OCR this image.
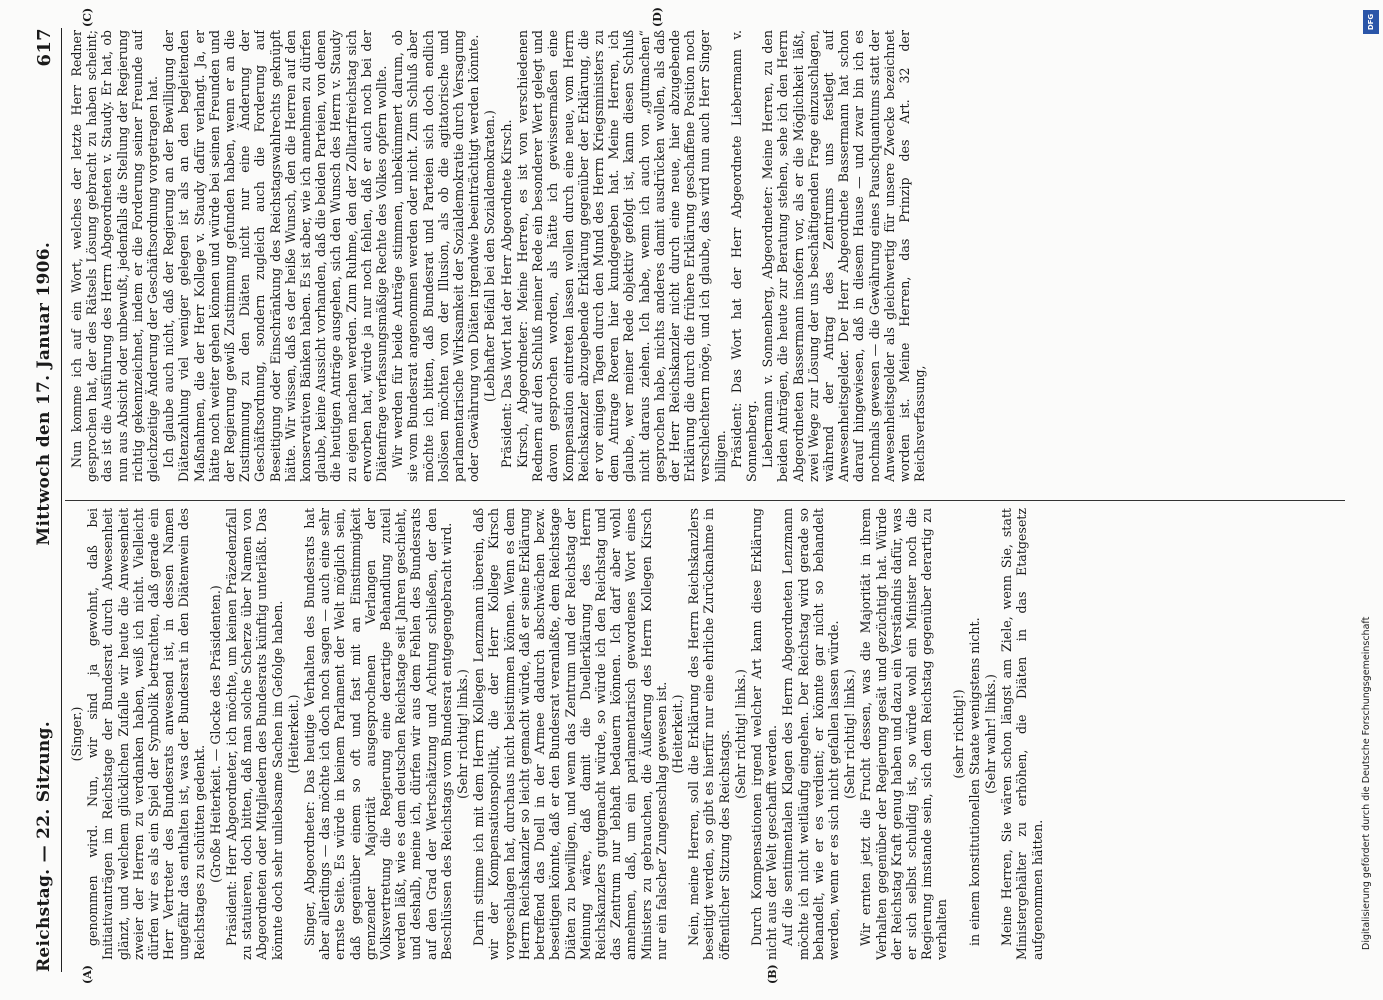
Reichstag. — 22. Sitzung.
Mittwoch den 17. Januar 1906.
617
(A)	(B)
(C)	(D)

(Singer.) genommen wird. Nun, wir sind ja gewohnt, daß bei Initiativanträgen im Reichstage der Bundesrat durch Abwesenheit glänzt, und welchem glücklichen Zufalle wir heute die Anwesenheit zweier der Herren zu verdanken haben, weiß ich nicht. Vielleicht dürfen wir es als ein Spiel der Symbolik betrachten, daß gerade ein Herr Vertreter des Bundesrats anwesend ist, in dessen Namen ungefähr das enthalten ist, was der Bundesrat in den Diätenwein des Reichstages zu schütten gedenkt. (Große Heiterkeit. — Glocke des Präsidenten.) Präsident: Herr Abgeordneter, ich möchte, um keinen Präzedenzfall zu statuieren, doch bitten, daß man solche Scherze über Namen von Abgeordneten oder Mitgliedern des Bundesrats künftig unterläßt. Das könnte doch sehr unliebsame Sachen im Gefolge haben. (Heiterkeit.) Singer, Abgeordneter: Das heutige Verhalten des Bundesrats hat aber allerdings — das möchte ich doch noch sagen — auch eine sehr ernste Seite. Es würde in keinem Parlament der Welt möglich sein, daß gegenüber einem so oft und fast mit an Einstimmigkeit grenzender Majorität ausgesprochenen Verlangen der Volksvertretung die Regierung eine derartige Behandlung zuteil werden läßt, wie es dem deutschen Reichstage seit Jahren geschieht, und deshalb, meine ich, dürfen wir aus dem Fehlen des Bundesrats auf den Grad der Wertschätzung und Achtung schließen, der den Beschlüssen des Reichstags vom Bundesrat entgegengebracht wird. (Sehr richtig! links.) Darin stimme ich mit dem Herrn Kollegen Lenzmann überein, daß wir der Kompensationspolitik, die der Herr Kollege Kirsch vorgeschlagen hat, durchaus nicht beistimmen können. Wenn es dem Herrn Reichskanzler so leicht gemacht würde, daß er seine Erklärung betreffend das Duell in der Armee dadurch abschwächen bezw. beseitigen könnte, daß er den Bundesrat veranlaßte, dem Reichstage Diäten zu bewilligen, und wenn das Zentrum und der Reichstag der Meinung wäre, daß damit die Duellerklärung des Herrn Reichskanzlers gutgemacht würde, so würde ich den Reichstag und das Zentrum nur lebhaft bedauern können. Ich darf aber wohl annehmen, daß, um ein parlamentarisch gewordenes Wort eines Ministers zu gebrauchen, die Äußerung des Herrn Kollegen Kirsch nur ein falscher Zungenschlag gewesen ist. (Heiterkeit.) Nein, meine Herren, soll die Erklärung des Herrn Reichskanzlers beseitigt werden, so gibt es hierfür nur eine ehrliche Zurücknahme in öffentlicher Sitzung des Reichstags. (Sehr richtig! links.) Durch Kompensationen irgend welcher Art kann diese Erklärung nicht aus der Welt geschafft werden. Auf die sentimentalen Klagen des Herrn Abgeordneten Lenzmann möchte ich nicht weitläufig eingehen. Der Reichstag wird gerade so behandelt, wie er es verdient; er könnte gar nicht so behandelt werden, wenn er es sich nicht gefallen lassen würde. (Sehr richtig! links.) Wir ernten jetzt die Frucht dessen, was die Majorität in ihrem Verhalten gegenüber der Regierung gesät und gezüchtigt hat. Würde der Reichstag Kraft genug haben und dazu ein Verständnis dafür, was er sich selbst schuldig ist, so würde wohl ein Minister noch die Regierung imstande sein, sich dem Reichstag gegenüber derartig zu verhalten

(sehr richtig!) in einem konstitutionellen Staate wenigstens nicht. (Sehr wahr! links.) Meine Herren, Sie wären schon längst am Ziele, wenn Sie, statt Ministergehälter zu erhöhen, die Diäten in das Etatgesetz aufgenommen hätten.

Nun komme ich auf ein Wort, welches der letzte Herr Redner gesprochen hat, der des Rätsels Lösung gebracht zu haben scheint; das ist die Ausführung des Herrn Abgeordneten v. Staudy. Er hat, ob nun aus Absicht oder unbewußt, jedenfalls die Stellung der Regierung richtig gekennzeichnet, indem er die Forderung seiner Freunde auf gleichzeitige Änderung der Geschäftsordnung vorgetragen hat. Ich glaube auch nicht, daß der Regierung an der Bewilligung der Diätenzahlung viel weniger gelegen ist als an den begleitenden Maßnahmen, die der Herr Kollege v. Staudy dafür verlangt. Ja, er hätte noch weiter gehen können und würde bei seinen Freunden und der Regierung gewiß Zustimmung gefunden haben, wenn er an die Zustimmung zu den Diäten nicht nur eine Änderung der Geschäftsordnung, sondern zugleich auch die Forderung auf Beseitigung oder Einschränkung des Reichstagswahlrechts geknüpft hätte. Wir wissen, daß es der heiße Wunsch, den die Herren auf den konservativen Bänken haben. Es ist aber, wie ich annehmen zu dürfen glaube, keine Aussicht vorhanden, daß die beiden Parteien, von denen die heutigen Anträge ausgehen, sich den Wunsch des Herrn v. Staudy zu eigen machen werden. Zum Ruhme, den der Zolltarifreichstag sich erworben hat, würde ja nur noch fehlen, daß er auch noch bei der Diätenfrage verfassungsmäßige Rechte des Volkes opfern wollte. Wir werden für beide Anträge stimmen, unbekümmert darum, ob sie vom Bundesrat angenommen werden oder nicht. Zum Schluß aber möchte ich bitten, daß Bundesrat und Parteien sich doch endlich loslösen möchten von der Illusion, als ob die agitatorische und parlamentarische Wirksamkeit der Sozialdemokratie durch Versagung oder Gewährung von Diäten irgendwie beeinträchtigt werden könnte. (Lebhafter Beifall bei den Sozialdemokraten.) Präsident: Das Wort hat der Herr Abgeordnete Kirsch. Kirsch, Abgeordneter: Meine Herren, es ist von verschiedenen Rednern auf den Schluß meiner Rede ein besonderer Wert gelegt und davon gesprochen worden, als hätte ich gewissermaßen eine Kompensation eintreten lassen wollen durch eine neue, vom Herrn Reichskanzler abzugebende Erklärung gegenüber der Erklärung, die er vor einigen Tagen durch den Mund des Herrn Kriegsministers zu dem Antrage Roeren hier kundgegeben hat. Meine Herren, ich glaube, wer meiner Rede objektiv gefolgt ist, kann diesen Schluß nicht daraus ziehen. Ich habe, wenn ich auch von „gutmachen“ gesprochen habe, nichts anderes damit ausdrücken wollen, als daß der Herr Reichskanzler nicht durch eine neue, hier abzugebende Erklärung die durch die frühere Erklärung geschaffene Position noch verschlechtern möge, und ich glaube, das wird nun auch Herr Singer billigen. Präsident: Das Wort hat der Herr Abgeordnete Liebermann v. Sonnenberg. Liebermann v. Sonnenberg, Abgeordneter: Meine Herren, zu den beiden Anträgen, die heute zur Beratung stehen, sehe ich den Herrn Abgeordneten Bassermann insofern vor, als er die Möglichkeit läßt, zwei Wege zur Lösung der uns beschäftigenden Frage einzuschlagen, während der Antrag des Zentrums uns festlegt auf Anwesenheitsgelder. Der Herr Abgeordnete Bassermann hat schon darauf hingewiesen, daß in diesem Hause — und zwar bin ich es nochmals gewesen — die Gewährung eines Pauschquantums statt der Anwesenheitsgelder als gleichwertig für unsere Zwecke bezeichnet worden ist. Meine Herren, das Prinzip des Art. 32 der Reichsverfassung,

DFG
Digitalisierung gefördert durch die Deutsche Forschungsgemeinschaft
